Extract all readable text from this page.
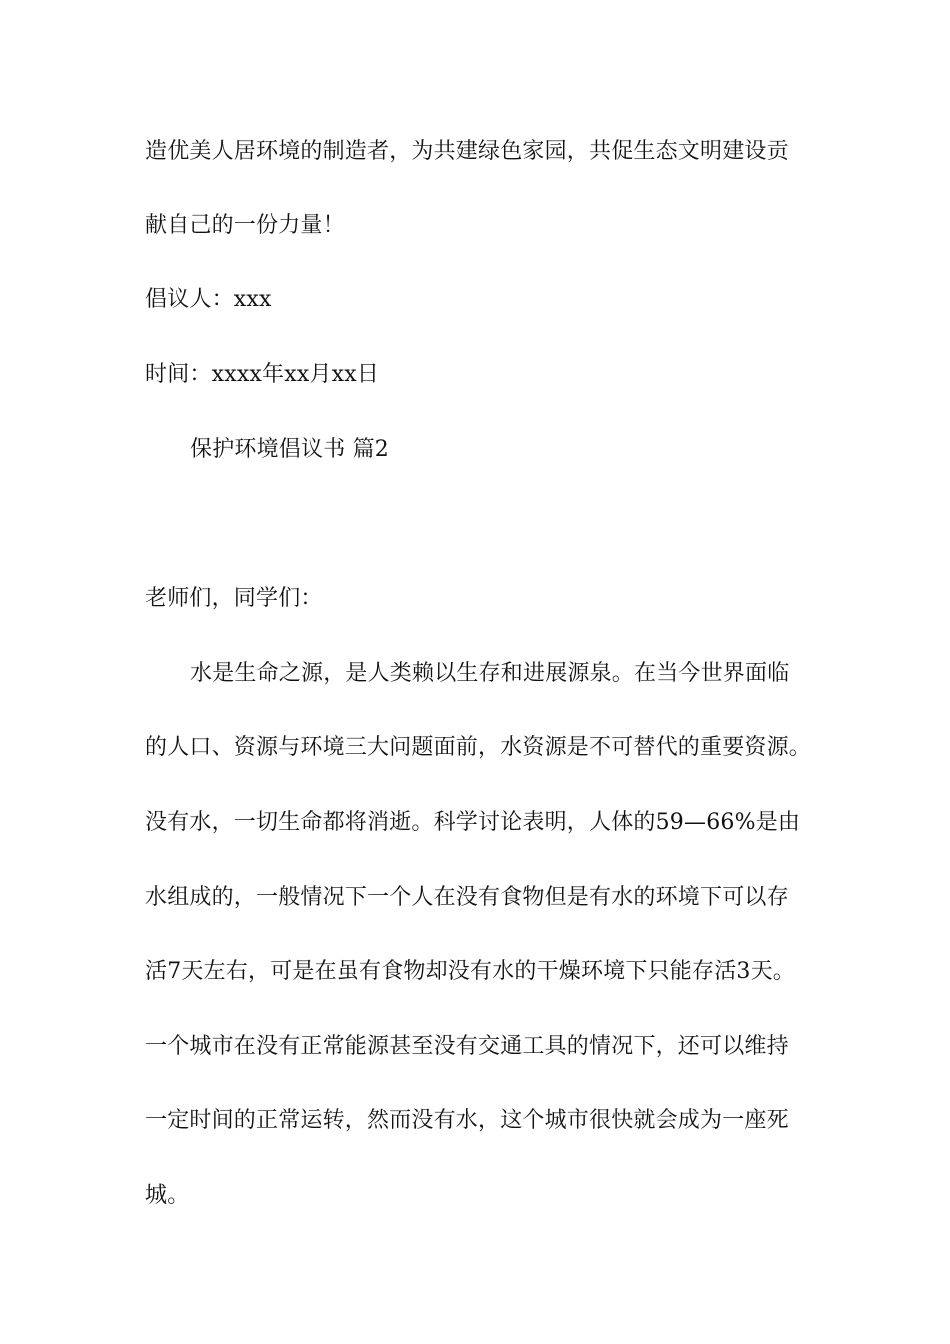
造优美人居环境的制造者，为共建绿色家园，共促生态文明建设贡
献自己的一份力量！
倡议人：xxx
时间：xxxx年xx月xx日
保护环境倡议书 篇2
老师们，同学们：
水是生命之源，是人类赖以生存和进展源泉。在当今世界面临
的人口、资源与环境三大问题面前，水资源是不可替代的重要资源。
没有水，一切生命都将消逝。科学讨论表明，人体的59—66%是由
水组成的，一般情况下一个人在没有食物但是有水的环境下可以存
活7天左右，可是在虽有食物却没有水的干燥环境下只能存活3天。
一个城市在没有正常能源甚至没有交通工具的情况下，还可以维持
一定时间的正常运转，然而没有水，这个城市很快就会成为一座死
城。
